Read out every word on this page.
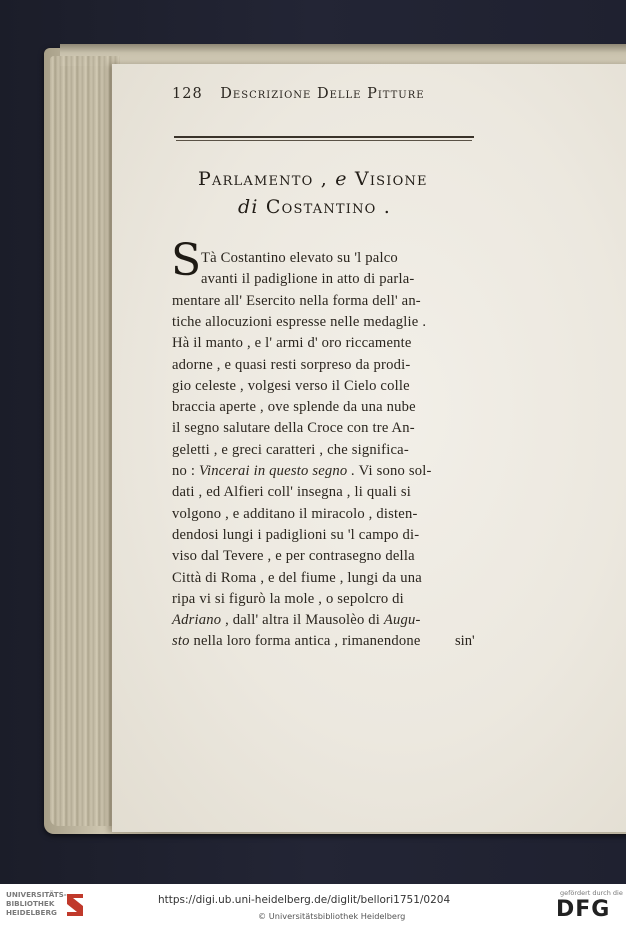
128 Descrizione Delle Pitture
Parlamento , e Visione
di Costantino .
S Tà Costantino elevato su 'l palco
avanti il padiglione in atto di parla-
mentare all' Esercito nella forma dell' an-
tiche allocuzioni espresse nelle medaglie .
Hà il manto , e l' armi d' oro riccamente
adorne , e quasi resti sorpreso da prodi-
gio celeste , volgesi verso il Cielo colle
braccia aperte , ove splende da una nube
il segno salutare della Croce con tre An-
geletti , e greci caratteri , che significa-
no : Vincerai in questo segno . Vi sono sol-
dati , ed Alfieri coll' insegna , li quali si
volgono , e additano il miracolo , disten-
dendosi lungi i padiglioni su 'l campo di-
viso dal Tevere , e per contrasegno della
Città di Roma , e del fiume , lungi da una
ripa vi si figurò la mole , o sepolcro di
Adriano , dall' altra il Mausolèo di Augu-
sto nella loro forma antica , rimanendone sin'
UNIVERSITÄTS-
BIBLIOTHEK
HEIDELBERG
https://digi.ub.uni-heidelberg.de/diglit/bellori1751/0204
© Universitätsbibliothek Heidelberg
gefördert durch die
DFG
